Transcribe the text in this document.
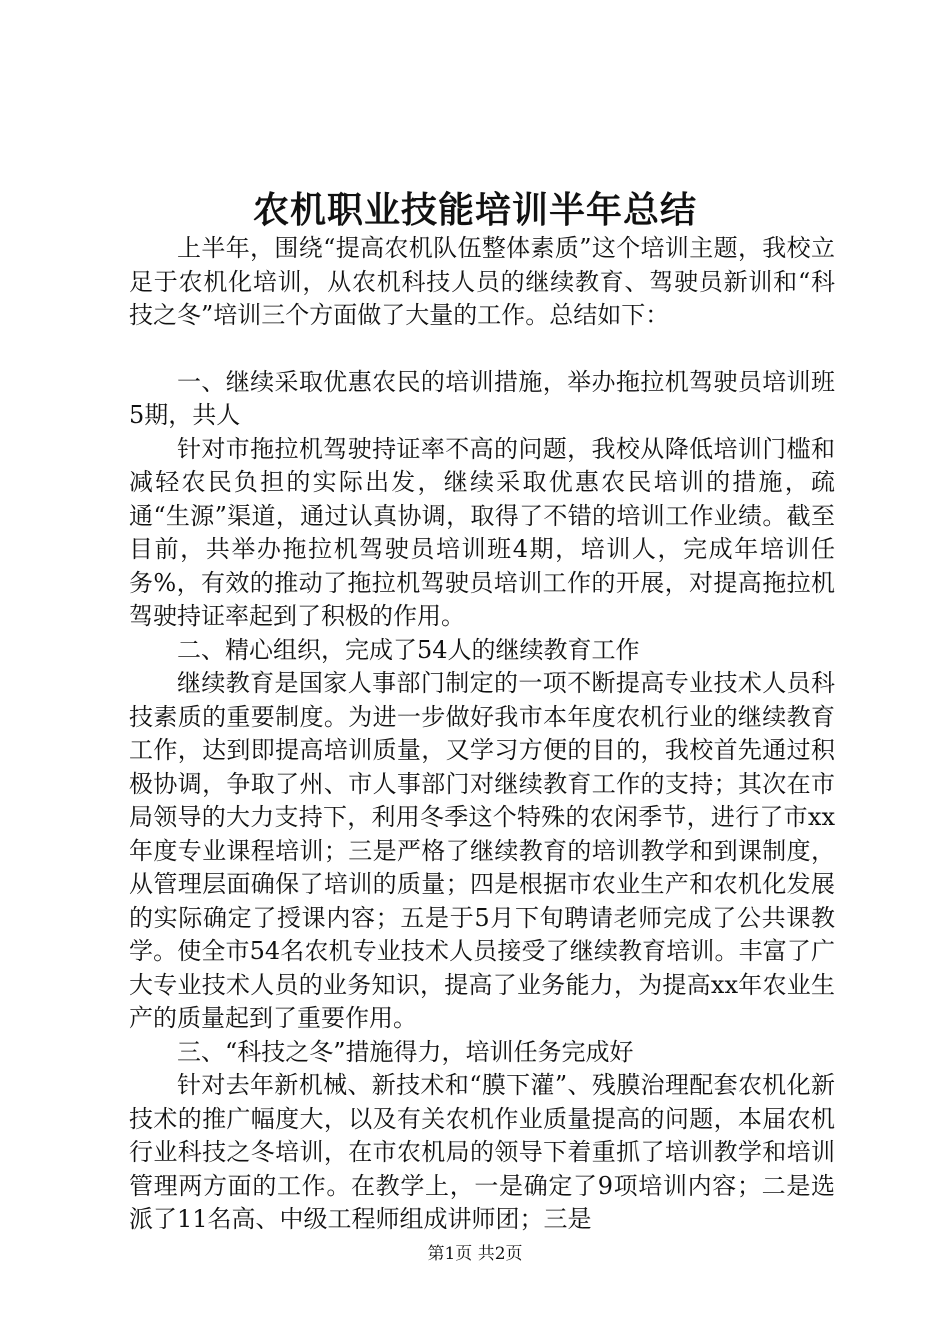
农机职业技能培训半年总结

上半年，围绕“提高农机队伍整体素质”这个培训主题，我校立足于农机化培训，从农机科技人员的继续教育、驾驶员新训和“科技之冬”培训三个方面做了大量的工作。总结如下：

一、继续采取优惠农民的培训措施，举办拖拉机驾驶员培训班5期，共人

针对市拖拉机驾驶持证率不高的问题，我校从降低培训门槛和减轻农民负担的实际出发，继续采取优惠农民培训的措施，疏通“生源”渠道，通过认真协调，取得了不错的培训工作业绩。截至目前，共举办拖拉机驾驶员培训班4期，培训人，完成年培训任务%，有效的推动了拖拉机驾驶员培训工作的开展，对提高拖拉机驾驶持证率起到了积极的作用。

二、精心组织，完成了54人的继续教育工作

继续教育是国家人事部门制定的一项不断提高专业技术人员科技素质的重要制度。为进一步做好我市本年度农机行业的继续教育工作，达到即提高培训质量，又学习方便的目的，我校首先通过积极协调，争取了州、市人事部门对继续教育工作的支持；其次在市局领导的大力支持下，利用冬季这个特殊的农闲季节，进行了市xx年度专业课程培训；三是严格了继续教育的培训教学和到课制度，从管理层面确保了培训的质量；四是根据市农业生产和农机化发展的实际确定了授课内容；五是于5月下旬聘请老师完成了公共课教学。使全市54名农机专业技术人员接受了继续教育培训。丰富了广大专业技术人员的业务知识，提高了业务能力，为提高xx年农业生产的质量起到了重要作用。

三、“科技之冬”措施得力，培训任务完成好

针对去年新机械、新技术和“膜下灌”、残膜治理配套农机化新技术的推广幅度大，以及有关农机作业质量提高的问题，本届农机行业科技之冬培训，在市农机局的领导下着重抓了培训教学和培训管理两方面的工作。在教学上，一是确定了9项培训内容；二是选派了11名高、中级工程师组成讲师团；三是

第1页 共2页
